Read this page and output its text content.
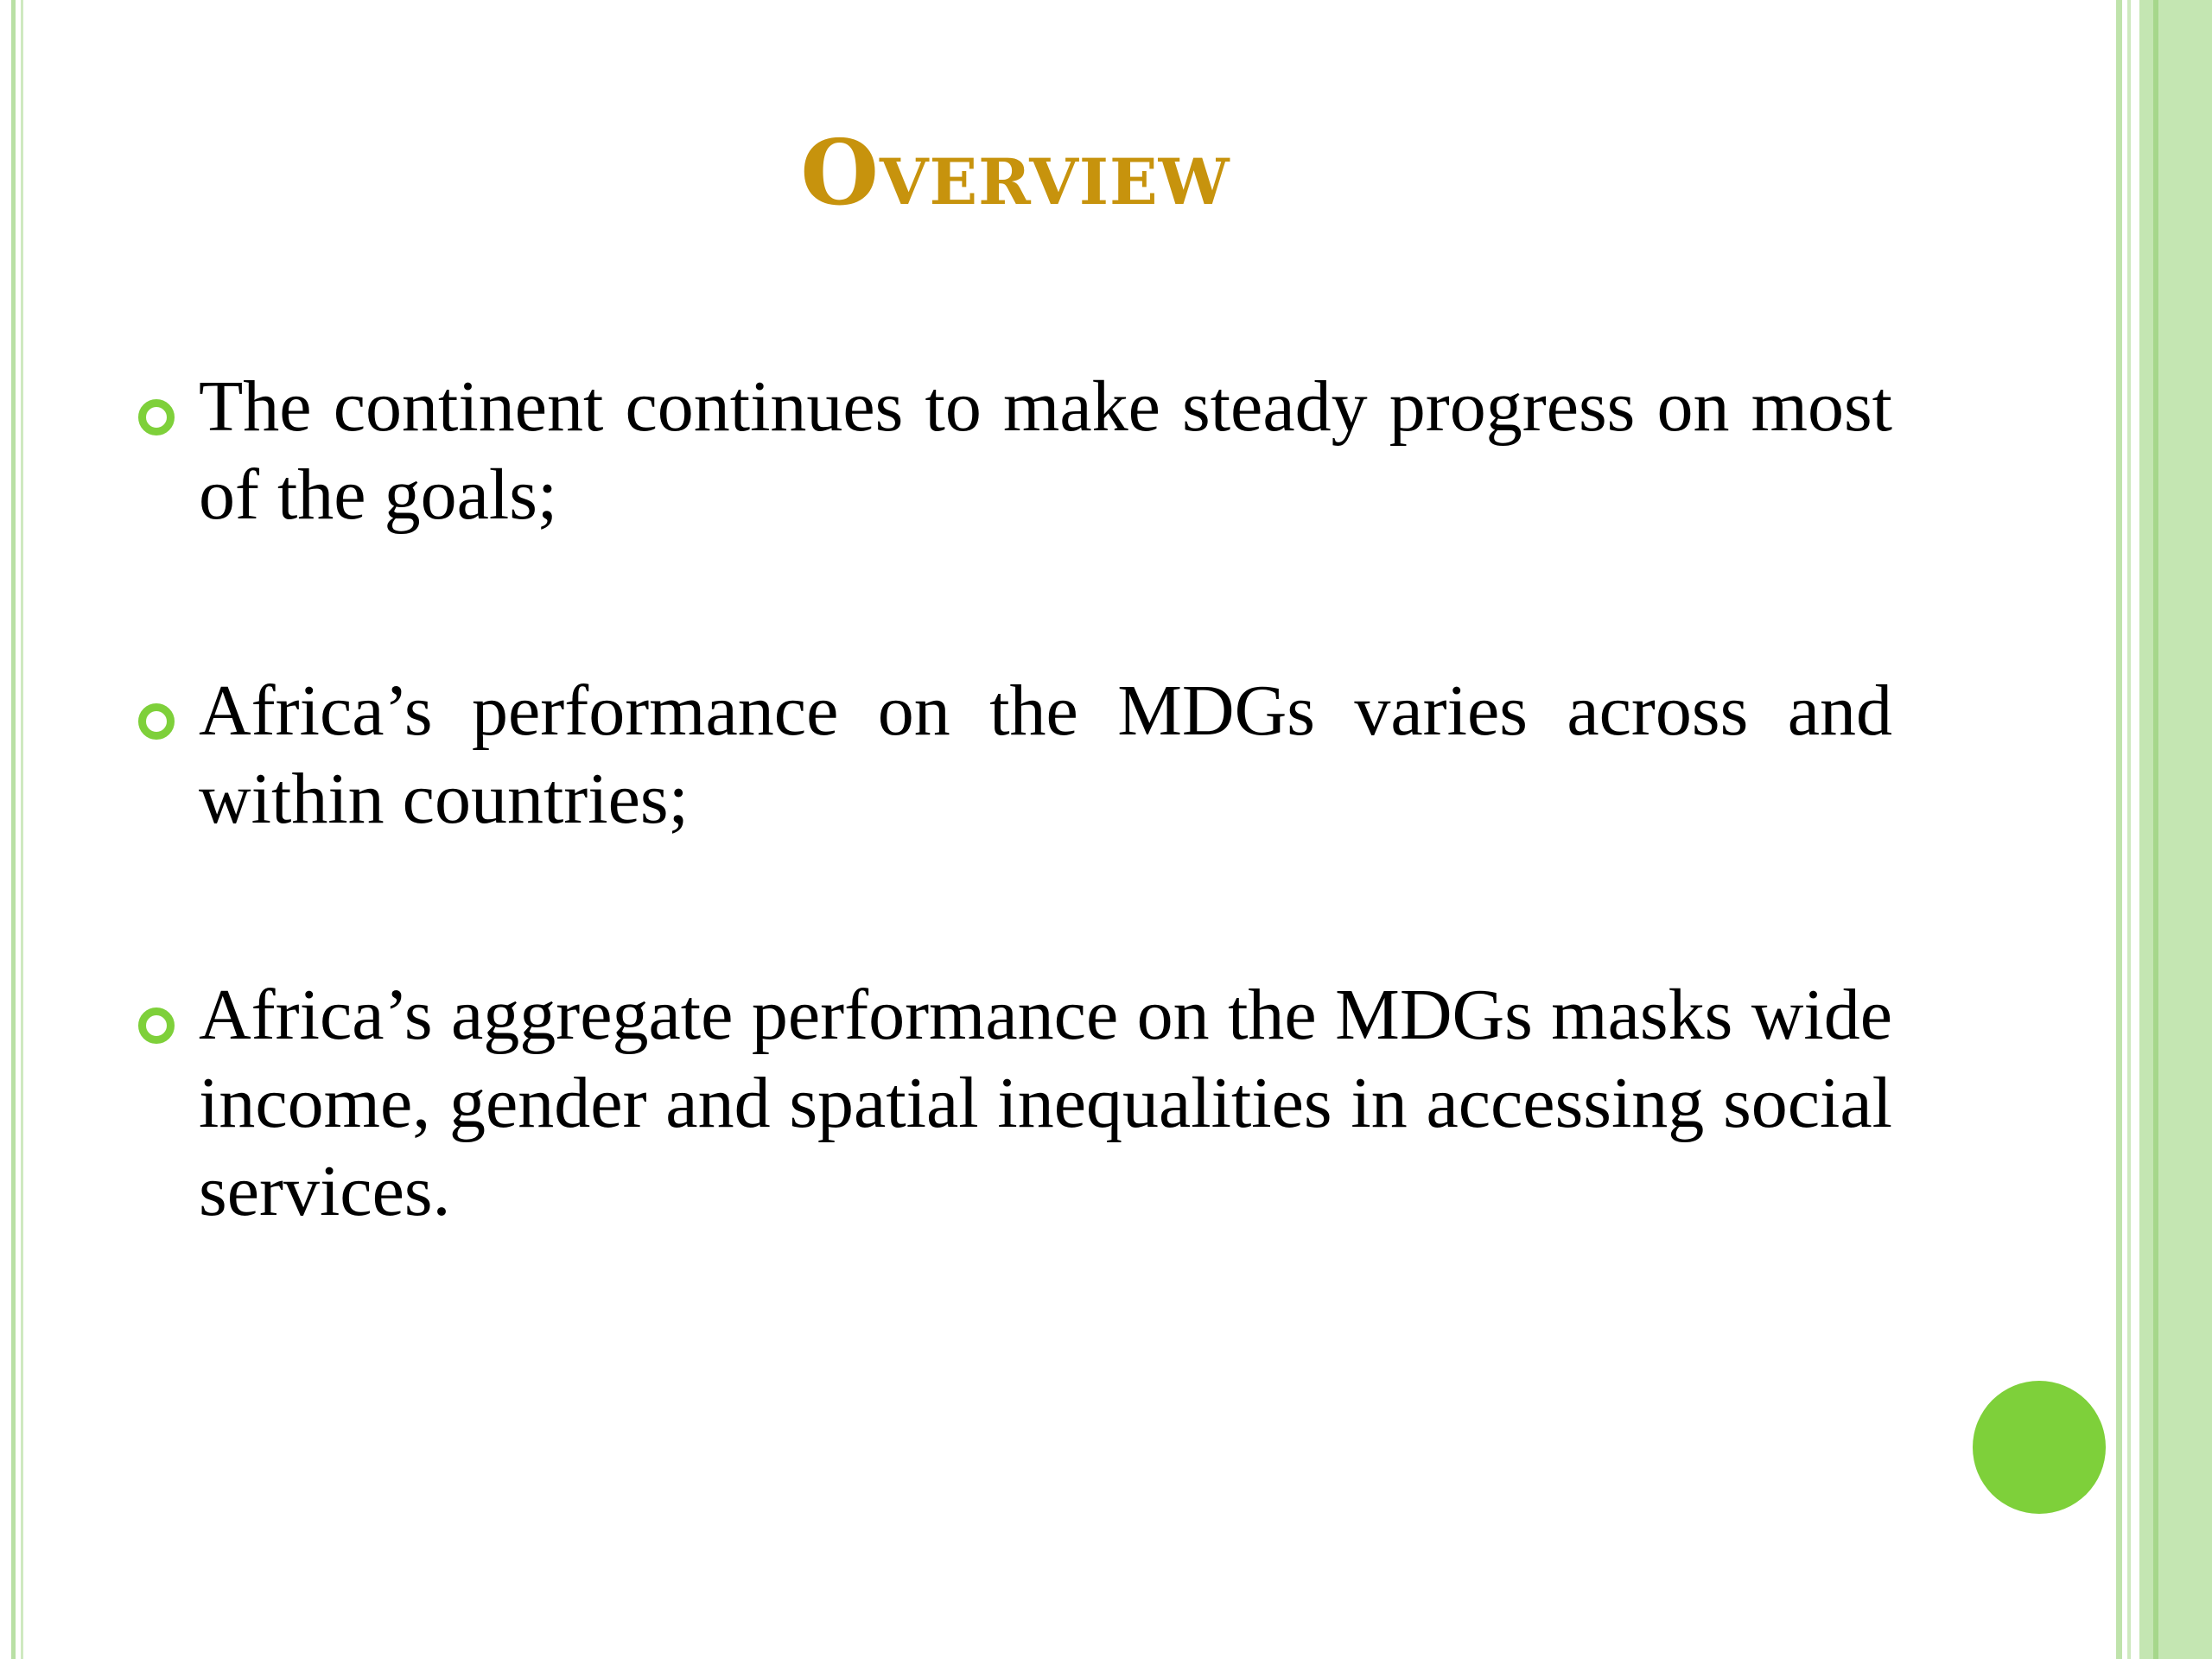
Overview
The continent continues to make steady progress on most of the goals;
Africa’s performance on the MDGs varies across and within countries;
Africa’s aggregate performance on the MDGs masks wide income, gender and spatial inequalities in accessing social services.
